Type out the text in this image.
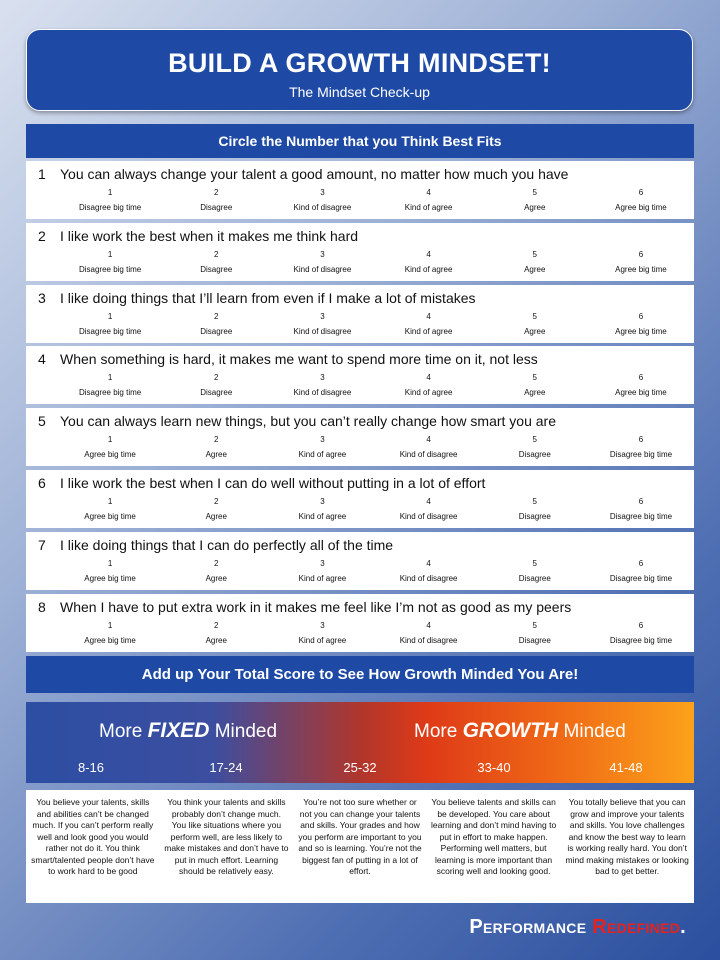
BUILD A GROWTH MINDSET!
The Mindset Check-up
Circle the Number that you Think Best Fits
1 You can always change your talent a good amount, no matter how much you have
1
Disagree big time
2
Disagree
3
Kind of disagree
4
Kind of agree
5
Agree
6
Agree big time
2 I like work the best when it makes me think hard
1
Disagree big time
2
Disagree
3
Kind of disagree
4
Kind of agree
5
Agree
6
Agree big time
3 I like doing things that I’ll learn from even if I make a lot of mistakes
1
Disagree big time
2
Disagree
3
Kind of disagree
4
Kind of agree
5
Agree
6
Agree big time
4 When something is hard, it makes me want to spend more time on it, not less
1
Disagree big time
2
Disagree
3
Kind of disagree
4
Kind of agree
5
Agree
6
Agree big time
5 You can always learn new things, but you can’t really change how smart you are
1
Agree big time
2
Agree
3
Kind of agree
4
Kind of disagree
5
Disagree
6
Disagree big time
6 I like work the best when I can do well without putting in a lot of effort
1
Agree big time
2
Agree
3
Kind of agree
4
Kind of disagree
5
Disagree
6
Disagree big time
7 I like doing things that I can do perfectly all of the time
1
Agree big time
2
Agree
3
Kind of agree
4
Kind of disagree
5
Disagree
6
Disagree big time
8 When I have to put extra work in it makes me feel like I’m not as good as my peers
1
Agree big time
2
Agree
3
Kind of agree
4
Kind of disagree
5
Disagree
6
Disagree big time
Add up Your Total Score to See How Growth Minded You Are!
More FIXED Minded	More GROWTH Minded
8-16	17-24	25-32	33-40	41-48
You believe your talents, skills and abilities can’t be changed much. If you can’t perform really well and look good you would rather not do it. You think smart/talented people don’t have to work hard to be good
You think your talents and skills probably don’t change much. You like situations where you perform well, are less likely to make mistakes and don’t have to put in much effort. Learning should be relatively easy.
You’re not too sure whether or not you can change your talents and skills. Your grades and how you perform are important to you and so is learning. You’re not the biggest fan of putting in a lot of effort.
You believe talents and skills can be developed. You care about learning and don’t mind having to put in effort to make happen. Performing well matters, but learning is more important than scoring well and looking good.
You totally believe that you can grow and improve your talents and skills. You love challenges and know the best way to learn is working really hard. You don’t mind making mistakes or looking bad to get better.
Performance Redefined.
